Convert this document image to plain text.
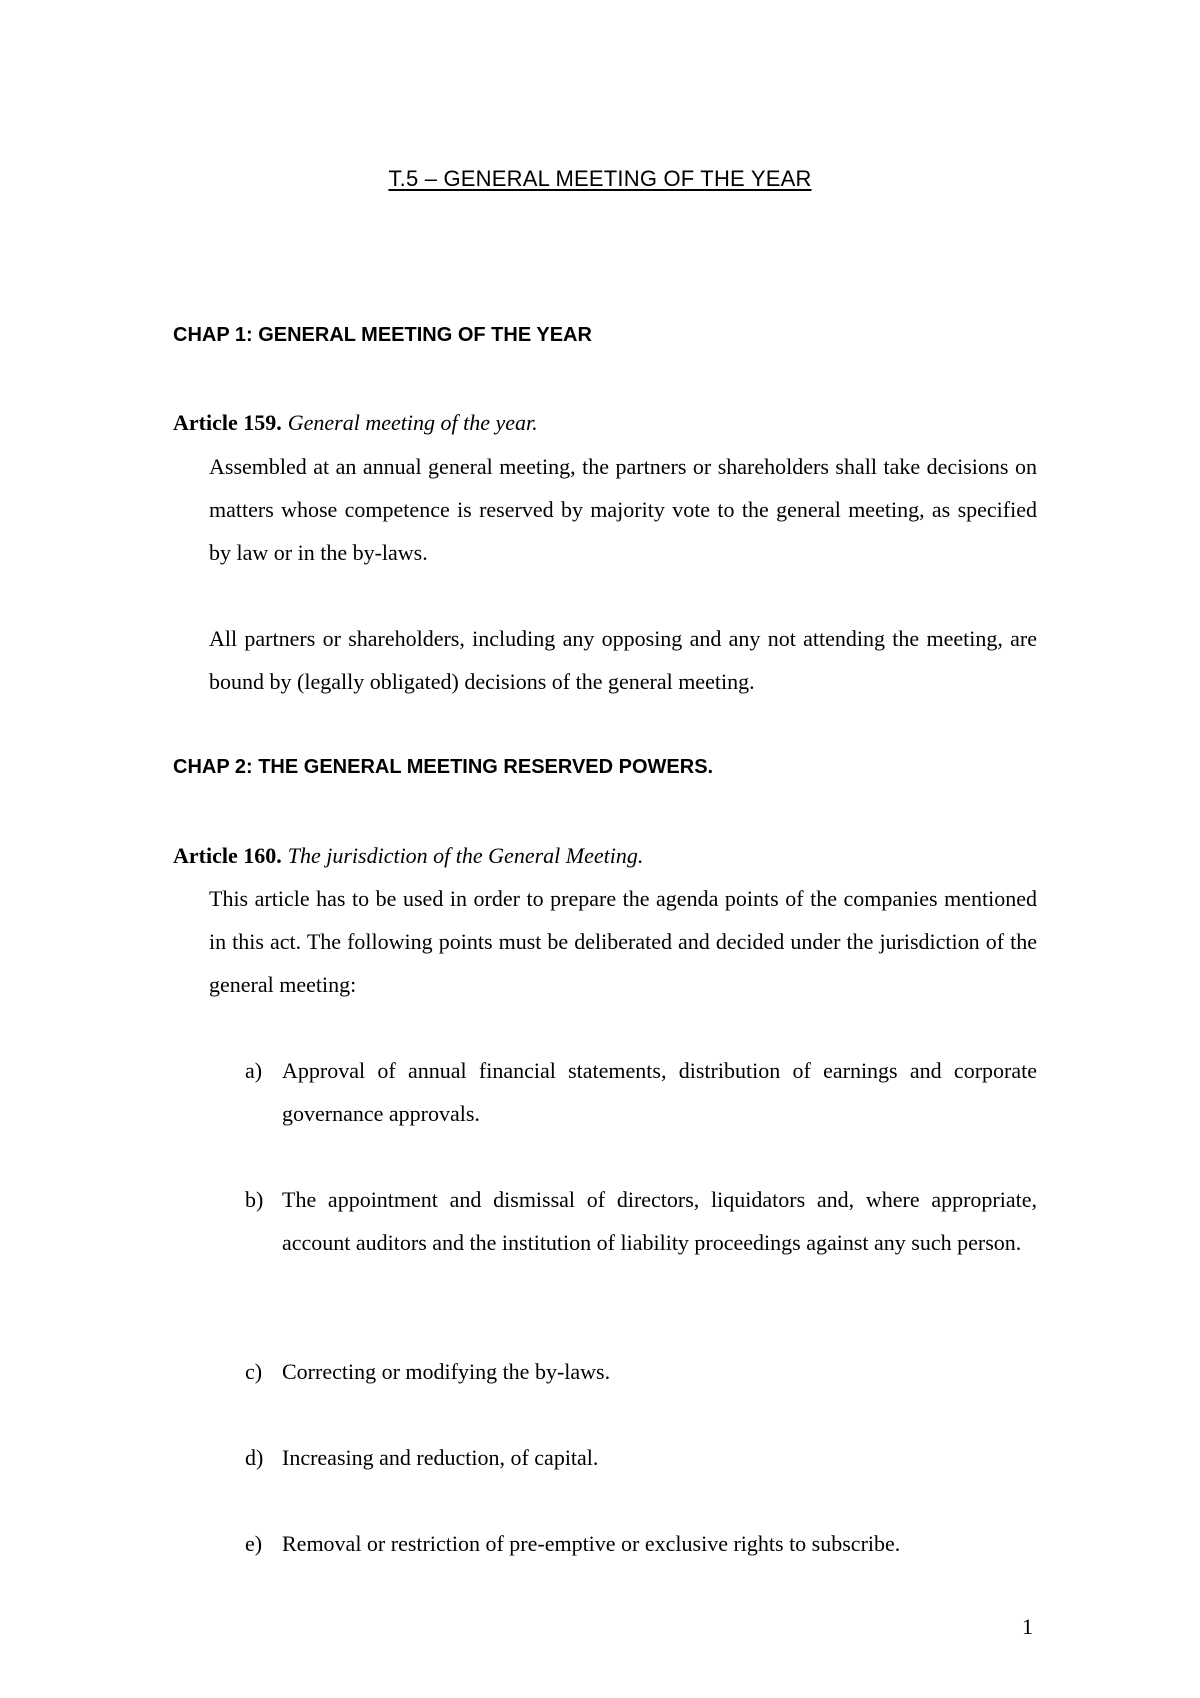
T.5 – GENERAL MEETING OF THE YEAR
CHAP 1: GENERAL MEETING OF THE YEAR
Article 159. General meeting of the year.
Assembled at an annual general meeting, the partners or shareholders shall take decisions on matters whose competence is reserved by majority vote to the general meeting, as specified by law or in the by-laws.
All partners or shareholders, including any opposing and any not attending the meeting, are bound by (legally obligated) decisions of the general meeting.
CHAP 2: THE GENERAL MEETING RESERVED POWERS.
Article 160. The jurisdiction of the General Meeting.
This article has to be used in order to prepare the agenda points of the companies mentioned in this act. The following points must be deliberated and decided under the jurisdiction of the general meeting:
a) Approval of annual financial statements, distribution of earnings and corporate governance approvals.
b) The appointment and dismissal of directors, liquidators and, where appropriate, account auditors and the institution of liability proceedings against any such person.
c) Correcting or modifying the by-laws.
d) Increasing and reduction, of capital.
e) Removal or restriction of pre-emptive or exclusive rights to subscribe.
1
